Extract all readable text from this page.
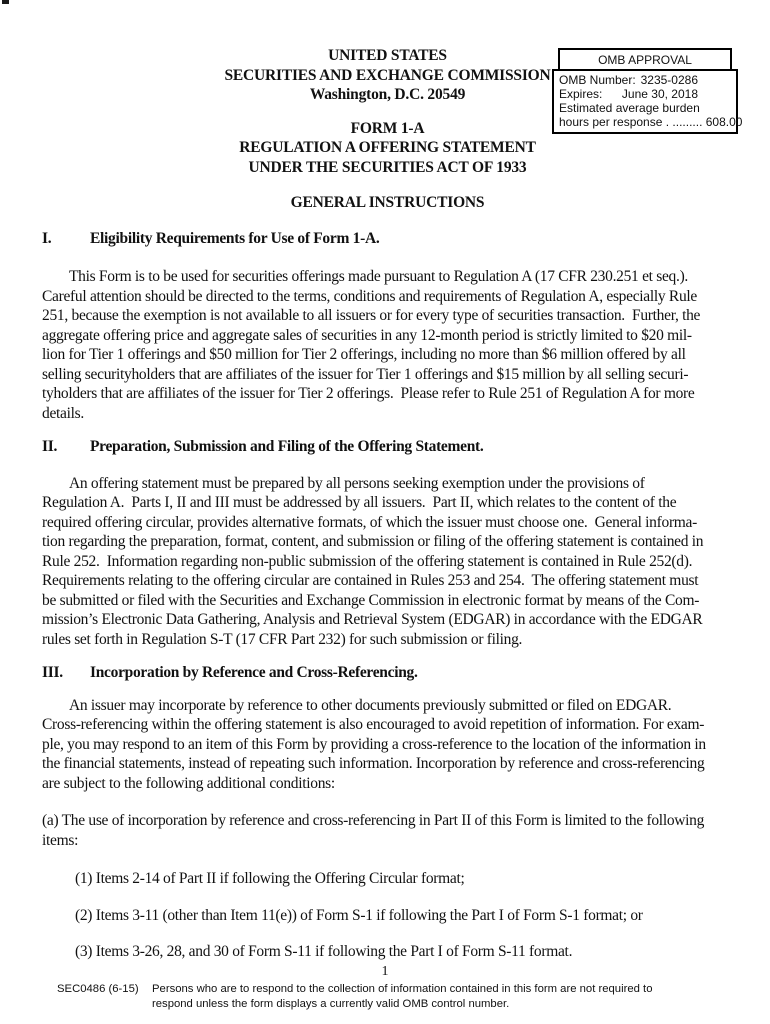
OMB APPROVAL
OMB Number: 3235-0286
Expires: June 30, 2018
Estimated average burden
hours per response . ......... 608.00
UNITED STATES
SECURITIES AND EXCHANGE COMMISSION
Washington, D.C. 20549
FORM 1-A
REGULATION A OFFERING STATEMENT
UNDER THE SECURITIES ACT OF 1933
GENERAL INSTRUCTIONS
I.	Eligibility Requirements for Use of Form 1-A.
This Form is to be used for securities offerings made pursuant to Regulation A (17 CFR 230.251 et seq.).
Careful attention should be directed to the terms, conditions and requirements of Regulation A, especially Rule
251, because the exemption is not available to all issuers or for every type of securities transaction.  Further, the
aggregate offering price and aggregate sales of securities in any 12-month period is strictly limited to $20 mil-
lion for Tier 1 offerings and $50 million for Tier 2 offerings, including no more than $6 million offered by all
selling securityholders that are affiliates of the issuer for Tier 1 offerings and $15 million by all selling securi-
tyholders that are affiliates of the issuer for Tier 2 offerings.  Please refer to Rule 251 of Regulation A for more
details.
II.	Preparation, Submission and Filing of the Offering Statement.
An offering statement must be prepared by all persons seeking exemption under the provisions of
Regulation A.  Parts I, II and III must be addressed by all issuers.  Part II, which relates to the content of the
required offering circular, provides alternative formats, of which the issuer must choose one.  General informa-
tion regarding the preparation, format, content, and submission or filing of the offering statement is contained in
Rule 252.  Information regarding non-public submission of the offering statement is contained in Rule 252(d).
Requirements relating to the offering circular are contained in Rules 253 and 254.  The offering statement must
be submitted or filed with the Securities and Exchange Commission in electronic format by means of the Com-
mission’s Electronic Data Gathering, Analysis and Retrieval System (EDGAR) in accordance with the EDGAR
rules set forth in Regulation S-T (17 CFR Part 232) for such submission or filing.
III.	Incorporation by Reference and Cross-Referencing.
An issuer may incorporate by reference to other documents previously submitted or filed on EDGAR.
Cross-referencing within the offering statement is also encouraged to avoid repetition of information. For exam-
ple, you may respond to an item of this Form by providing a cross-reference to the location of the information in
the financial statements, instead of repeating such information. Incorporation by reference and cross-referencing
are subject to the following additional conditions:
(a) The use of incorporation by reference and cross-referencing in Part II of this Form is limited to the following
items:
(1) Items 2-14 of Part II if following the Offering Circular format;
(2) Items 3-11 (other than Item 11(e)) of Form S-1 if following the Part I of Form S-1 format; or
(3) Items 3-26, 28, and 30 of Form S-11 if following the Part I of Form S-11 format.
1
SEC0486 (6-15)	Persons who are to respond to the collection of information contained in this form are not required to
respond unless the form displays a currently valid OMB control number.
